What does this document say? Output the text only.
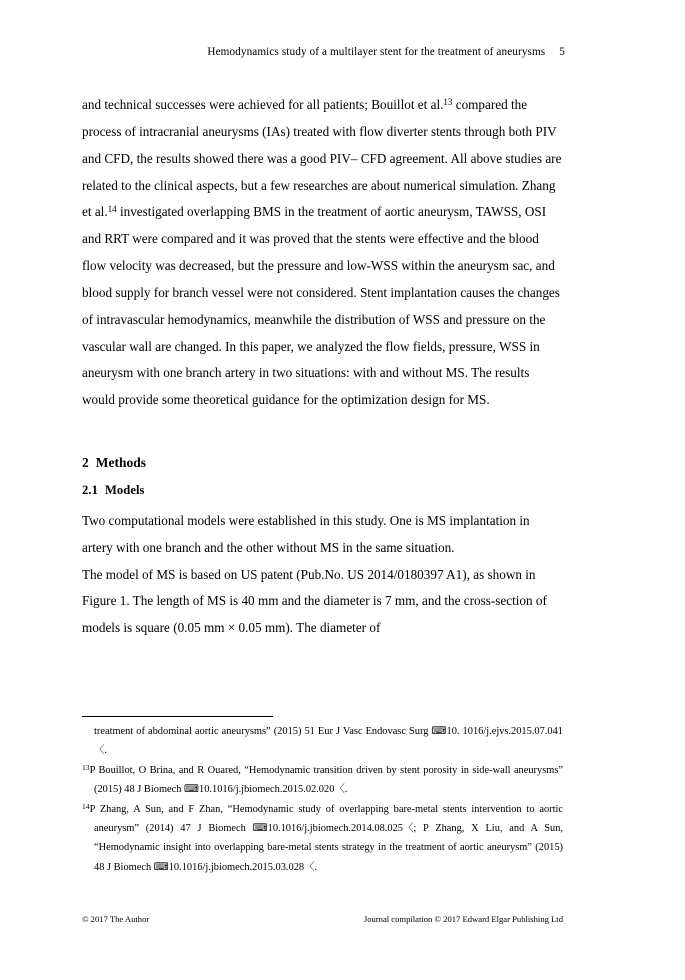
Hemodynamics study of a multilayer stent for the treatment of aneurysms 5

and technical successes were achieved for all patients; Bouillot et al.$^{13}$ compared the process of intracranial aneurysms (IAs) treated with flow diverter stents through both PIV and CFD, the results showed there was a good PIV– CFD agreement. All above studies are related to the clinical aspects, but a few researches are about numerical simulation. Zhang et al.$^{14}$ investigated overlapping BMS in the treatment of aortic aneurysm, TAWSS, OSI and RRT were compared and it was proved that the stents were effective and the blood flow velocity was decreased, but the pressure and low-WSS within the aneurysm sac, and blood supply for branch vessel were not considered. Stent implantation causes the changes of intravascular hemodynamics, meanwhile the distribution of WSS and pressure on the vascular wall are changed. In this paper, we analyzed the flow fields, pressure, WSS in aneurysm with one branch artery in two situations: with and without MS. The results would provide some theoretical guidance for the optimization design for MS.

2 Methods
2.1 Models

Two computational models were established in this study. One is MS implantation in artery with one branch and the other without MS in the same situation.

The model of MS is based on US patent (Pub.No. US 2014/0180397 A1), as shown in Figure 1. The length of MS is 40 mm and the diameter is 7 mm, and the cross-section of models is square (0.05 mm × 0.05 mm). The diameter of

treatment of abdominal aortic aneurysms” (2015) 51 Eur J Vasc Endovasc Surg ⌨10. 1016/j.ejvs.2015.07.041〈.

$^{13}$P Bouillot, O Brina, and R Ouared, “Hemodynamic transition driven by stent porosity in side-wall aneurysms” (2015) 48 J Biomech ⌨10.1016/j.jbiomech.2015.02.020〈.

$^{14}$P Zhang, A Sun, and F Zhan, “Hemodynamic study of overlapping bare-metal stents intervention to aortic aneurysm” (2014) 47 J Biomech ⌨10.1016/j.jbiomech.2014.08.025〈; P Zhang, X Liu, and A Sun, “Hemodynamic insight into overlapping bare-metal stents strategy in the treatment of aortic aneurysm” (2015) 48 J Biomech ⌨10.1016/j.jbiomech.2015.03.028〈.

© 2017 The Author	Journal compilation © 2017 Edward Elgar Publishing Ltd
